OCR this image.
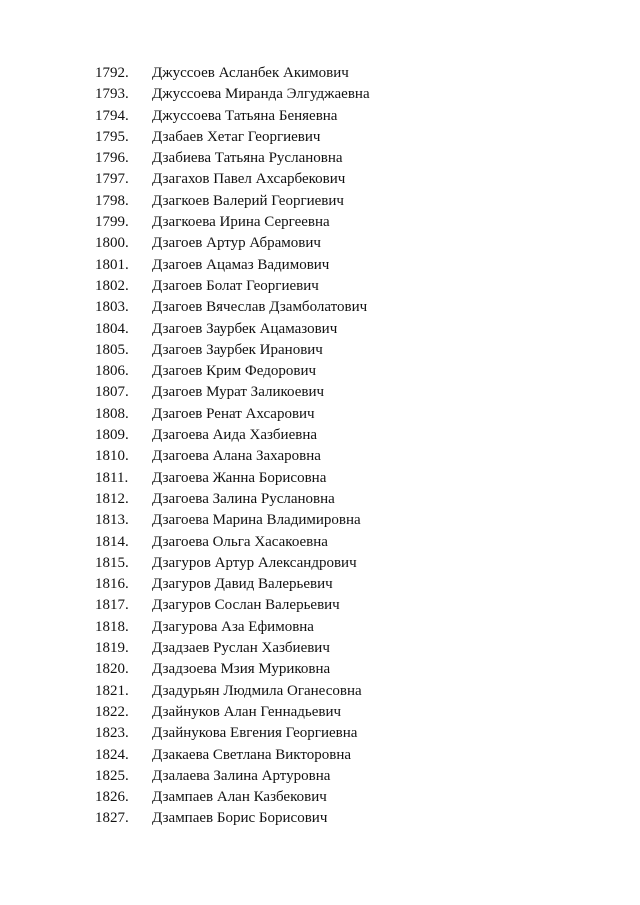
1792. Джуссоев Асланбек Акимович
1793. Джуссоева Миранда Элгуджаевна
1794. Джуссоева Татьяна Беняевна
1795. Дзабаев Хетаг Георгиевич
1796. Дзабиева Татьяна Руслановна
1797. Дзагахов Павел Ахсарбекович
1798. Дзагкоев Валерий Георгиевич
1799. Дзагкоева Ирина Сергеевна
1800. Дзагоев Артур Абрамович
1801. Дзагоев Ацамаз Вадимович
1802. Дзагоев Болат Георгиевич
1803. Дзагоев Вячеслав Дзамболатович
1804. Дзагоев Заурбек Ацамазович
1805. Дзагоев Заурбек Иранович
1806. Дзагоев Крим Федорович
1807. Дзагоев Мурат Заликоевич
1808. Дзагоев Ренат Ахсарович
1809. Дзагоева Аида Хазбиевна
1810. Дзагоева Алана Захаровна
1811. Дзагоева Жанна Борисовна
1812. Дзагоева Залина Руслановна
1813. Дзагоева Марина Владимировна
1814. Дзагоева Ольга Хасакоевна
1815. Дзагуров Артур Александрович
1816. Дзагуров Давид Валерьевич
1817. Дзагуров Сослан Валерьевич
1818. Дзагурова Аза Ефимовна
1819. Дзадзаев Руслан Хазбиевич
1820. Дзадзоева Мзия Муриковна
1821. Дзадурьян Людмила Оганесовна
1822. Дзайнуков Алан Геннадьевич
1823. Дзайнукова Евгения Георгиевна
1824. Дзакаева Светлана Викторовна
1825. Дзалаева Залина Артуровна
1826. Дзампаев Алан Казбекович
1827. Дзампаев Борис Борисович
